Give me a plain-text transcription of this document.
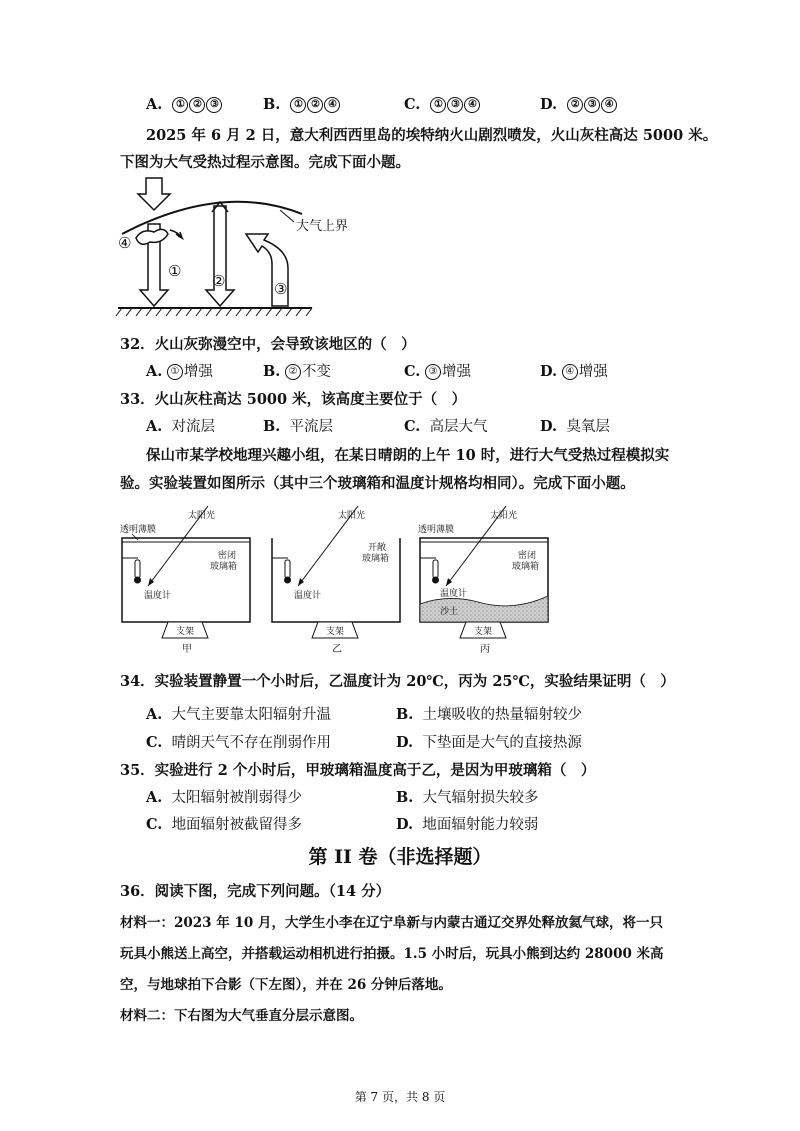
A. ① ② ③	B. ① ② ④	C. ① ③ ④	D. ② ③ ④
2025 年 6 月 2 日，意大利西西里岛的埃特纳火山剧烈喷发，火山灰柱高达 5000 米。
下图为大气受热过程示意图。完成下面小题。
大气上界
①
②	③
④
32．火山灰弥漫空中，会导致该地区的（　）
A. ① 增强	B. ② 不变	C. ③ 增强	D. ④ 增强
33．火山灰柱高达 5000 米，该高度主要位于（　）
A. 对流层	B. 平流层	C. 高层大气	D. 臭氧层
保山市某学校地理兴趣小组，在某日晴朗的上午 10 时，进行大气受热过程模拟实
验。实验装置如图所示（其中三个玻璃箱和温度计规格均相同）。完成下面小题。
透明薄膜
太阳光
密闭玻璃箱
温度计
支架
甲
太阳光
开敞玻璃箱
温度计
支架
乙
透明薄膜
太阳光
密闭玻璃箱
温度计
沙土
支架
丙
34．实验装置静置一个小时后，乙温度计为 20℃，丙为 25℃，实验结果证明（　）
A. 大气主要靠太阳辐射升温	B. 土壤吸收的热量辐射较少
C. 晴朗天气不存在削弱作用	D. 下垫面是大气的直接热源
35．实验进行 2 个小时后，甲玻璃箱温度高于乙，是因为甲玻璃箱（　）
A. 太阳辐射被削弱得少	B. 大气辐射损失较多
C. 地面辐射被截留得多	D. 地面辐射能力较弱
第 II 卷（非选择题）
36．阅读下图，完成下列问题。（14 分）
材料一：2023 年 10 月，大学生小李在辽宁阜新与内蒙古通辽交界处释放氦气球，将一只
玩具小熊送上高空，并搭载运动相机进行拍摄。1.5 小时后，玩具小熊到达约 28000 米高
空，与地球拍下合影（下左图），并在 26 分钟后落地。
材料二：下右图为大气垂直分层示意图。
第 7 页，共 8 页
